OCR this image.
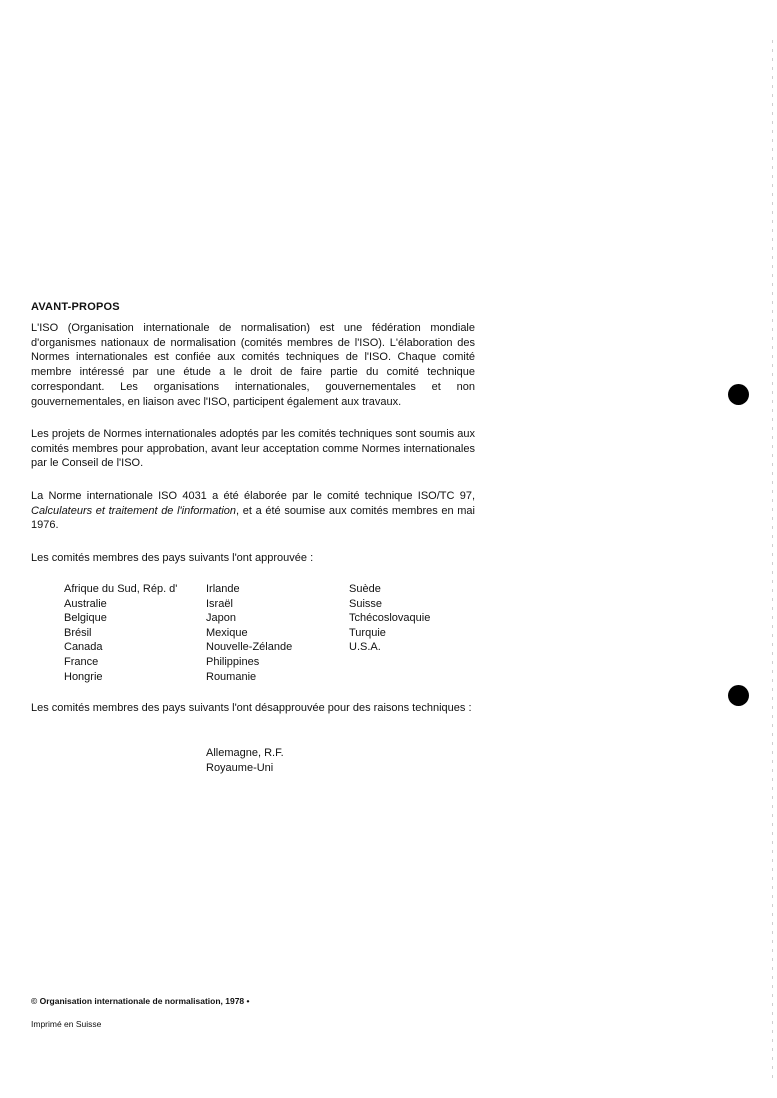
AVANT-PROPOS
L'ISO (Organisation internationale de normalisation) est une fédération mondiale d'organismes nationaux de normalisation (comités membres de l'ISO). L'élaboration des Normes internationales est confiée aux comités techniques de l'ISO. Chaque comité membre intéressé par une étude a le droit de faire partie du comité technique correspondant. Les organisations internationales, gouvernementales et non gouvernementales, en liaison avec l'ISO, participent également aux travaux.
Les projets de Normes internationales adoptés par les comités techniques sont soumis aux comités membres pour approbation, avant leur acceptation comme Normes internationales par le Conseil de l'ISO.
La Norme internationale ISO 4031 a été élaborée par le comité technique ISO/TC 97, Calculateurs et traitement de l'information, et a été soumise aux comités membres en mai 1976.
Les comités membres des pays suivants l'ont approuvée :
Afrique du Sud, Rép. d'
Australie
Belgique
Brésil
Canada
France
Hongrie
Irlande
Israël
Japon
Mexique
Nouvelle-Zélande
Philippines
Roumanie
Suède
Suisse
Tchécoslovaquie
Turquie
U.S.A.
Les comités membres des pays suivants l'ont désapprouvée pour des raisons techniques :
Allemagne, R.F.
Royaume-Uni
© Organisation internationale de normalisation, 1978 •
Imprimé en Suisse
